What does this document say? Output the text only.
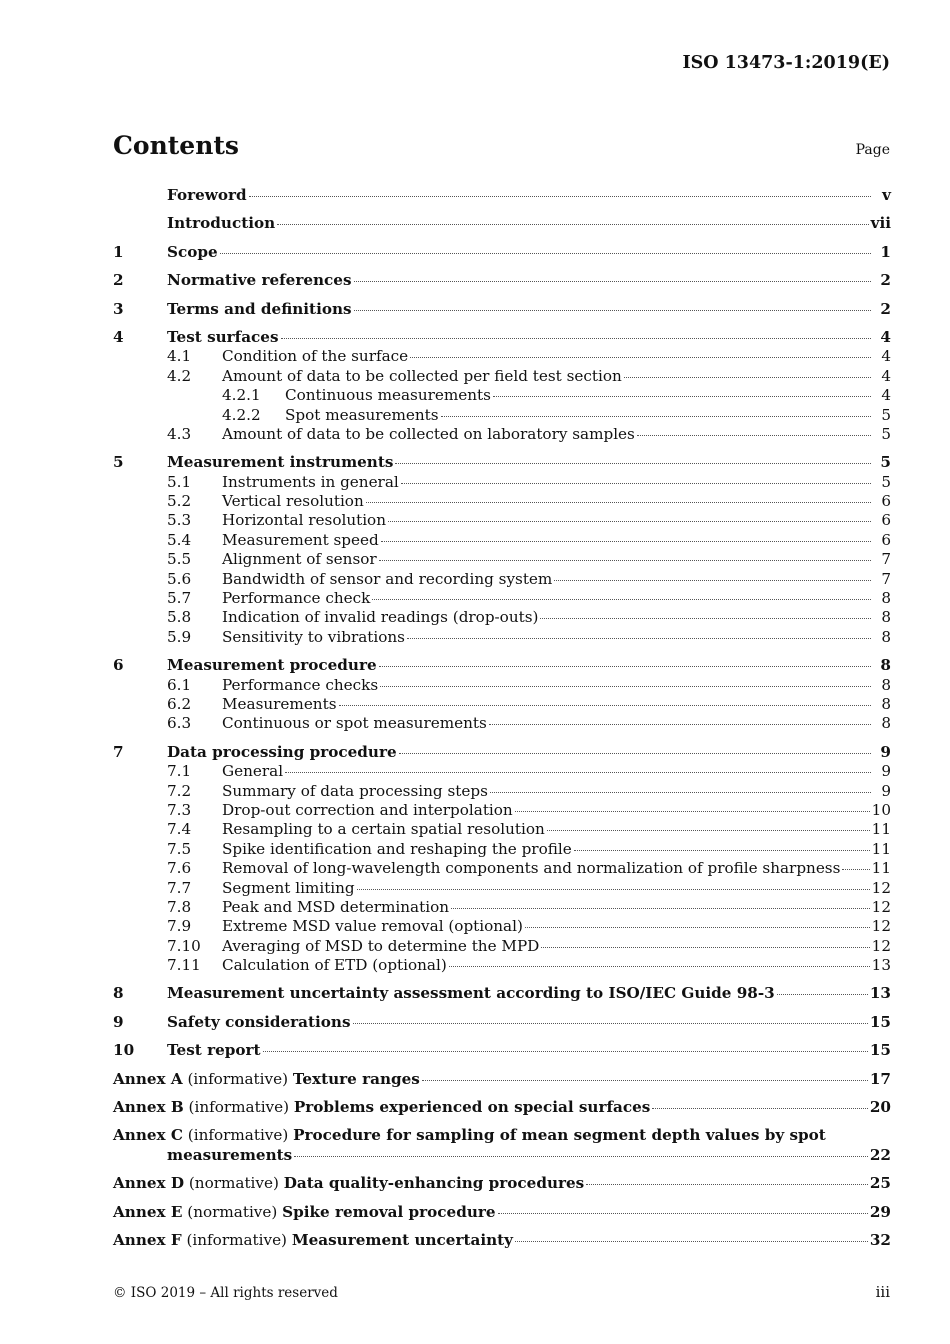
ISO 13473-1:2019(E)
Contents	Page
Foreword	v
Introduction	vii
1	Scope	1
2	Normative references	2
3	Terms and definitions	2
4	Test surfaces	4
4.1	Condition of the surface	4
4.2	Amount of data to be collected per field test section	4
4.2.1	Continuous measurements	4
4.2.2	Spot measurements	5
4.3	Amount of data to be collected on laboratory samples	5
5	Measurement instruments	5
5.1	Instruments in general	5
5.2	Vertical resolution	6
5.3	Horizontal resolution	6
5.4	Measurement speed	6
5.5	Alignment of sensor	7
5.6	Bandwidth of sensor and recording system	7
5.7	Performance check	8
5.8	Indication of invalid readings (drop-outs)	8
5.9	Sensitivity to vibrations	8
6	Measurement procedure	8
6.1	Performance checks	8
6.2	Measurements	8
6.3	Continuous or spot measurements	8
7	Data processing procedure	9
7.1	General	9
7.2	Summary of data processing steps	9
7.3	Drop-out correction and interpolation	10
7.4	Resampling to a certain spatial resolution	11
7.5	Spike identification and reshaping the profile	11
7.6	Removal of long-wavelength components and normalization of profile sharpness 11
7.7	Segment limiting	12
7.8	Peak and MSD determination	12
7.9	Extreme MSD value removal (optional)	12
7.10	Averaging of MSD to determine the MPD	12
7.11	Calculation of ETD (optional)	13
8	Measurement uncertainty assessment according to ISO/IEC Guide 98-3	13
9	Safety considerations	15
10	Test report	15
Annex A (informative) Texture ranges	17
Annex B (informative) Problems experienced on special surfaces	20
Annex C (informative) Procedure for sampling of mean segment depth values by spot
measurements	22
Annex D (normative) Data quality-enhancing procedures	25
Annex E (normative) Spike removal procedure	29
Annex F (informative) Measurement uncertainty	32
© ISO 2019 – All rights reserved	iii
